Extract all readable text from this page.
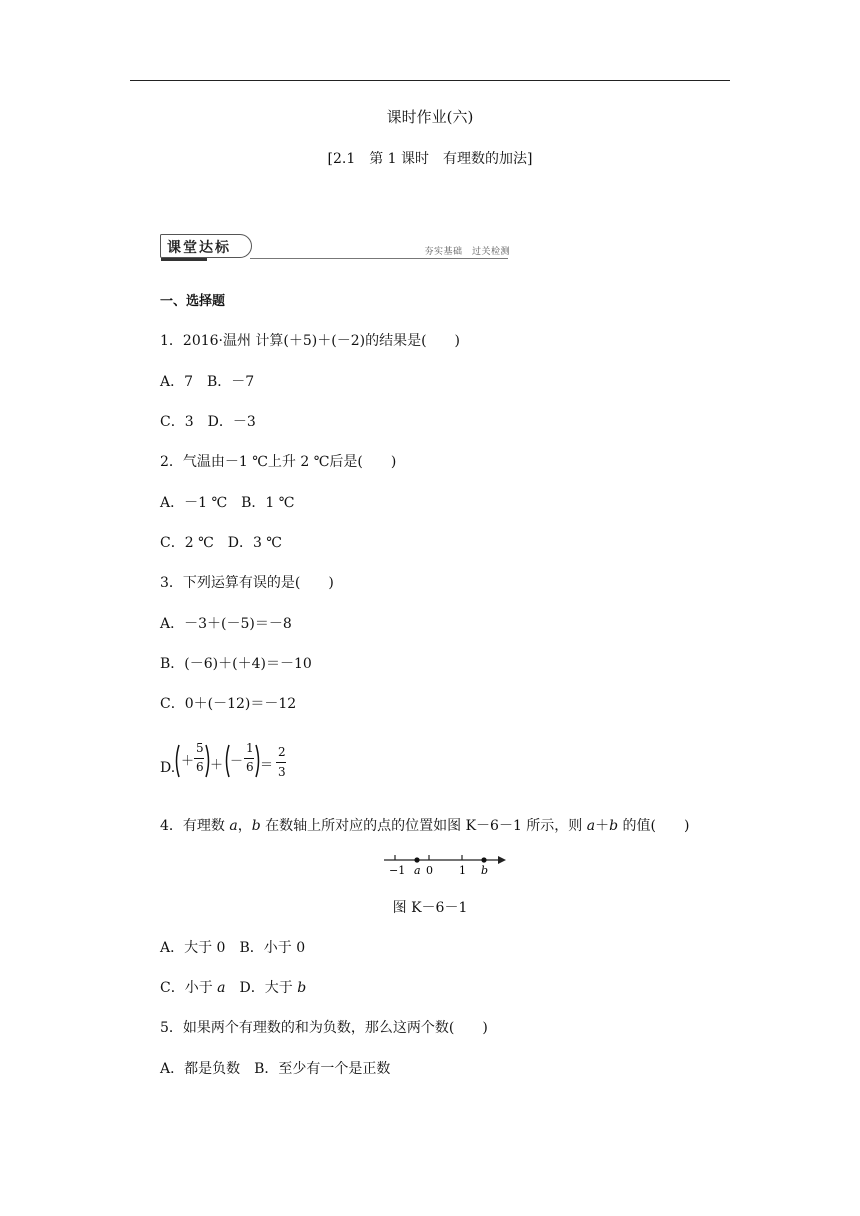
课时作业(六)
[2.1　第 1 课时　有理数的加法]
课堂达标	夯实基础　过关检测
一、选择题
1．2016·温州 计算(＋5)＋(－2)的结果是(　　)
A．7　B．－7
C．3　D．－3
2．气温由－1 ℃上升 2 ℃后是(　　)
A．－1 ℃　B．1 ℃
C．2 ℃　D．3 ℃
3．下列运算有误的是(　　)
A．－3＋(－5)＝－8
B．(－6)＋(＋4)＝－10
C．0＋(－12)＝－12
D. ＋
5
6 ＋ －
1
6 ＝
2
3
4．有理数 a，b 在数轴上所对应的点的位置如图 K－6－1 所示，则 a＋b 的值(　　)
−1 a 0 1 b
图 K－6－1
A．大于 0　B．小于 0
C．小于 a　D．大于 b
5．如果两个有理数的和为负数，那么这两个数(　　)
A．都是负数　B．至少有一个是正数
